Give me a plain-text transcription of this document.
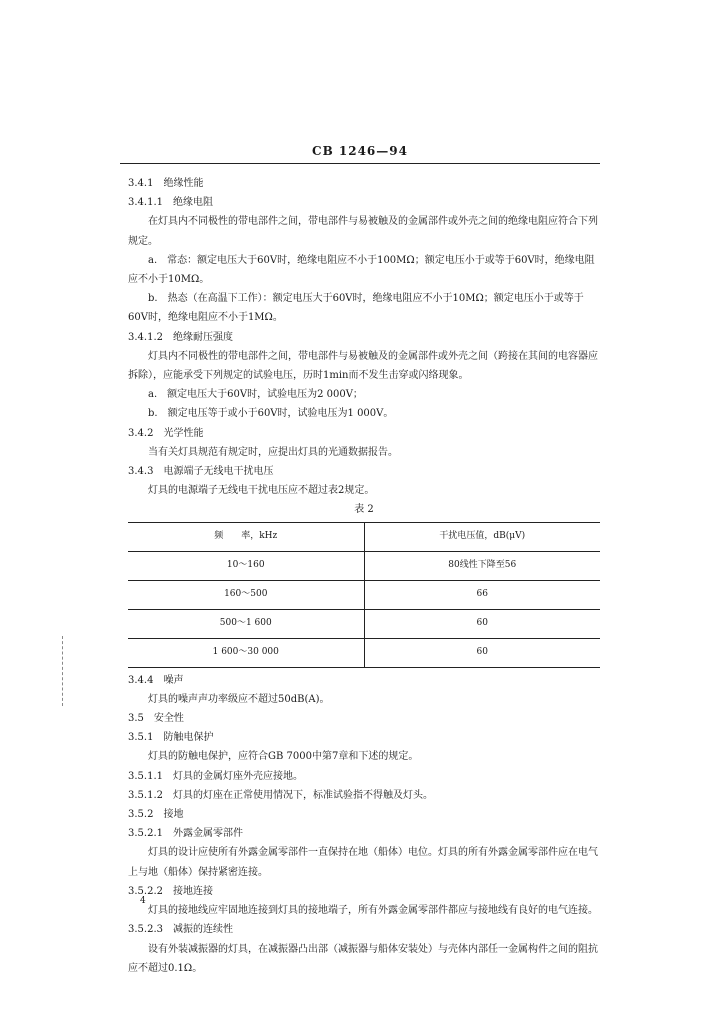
CB 1246—94

3.4.1　绝缘性能

3.4.1.1　绝缘电阻

在灯具内不同极性的带电部件之间，带电部件与易被触及的金属部件或外壳之间的绝缘电阻应符合下列规定。

a.　常态：额定电压大于60V时，绝缘电阻应不小于100MΩ；额定电压小于或等于60V时，绝缘电阻应不小于10MΩ。

b.　热态（在高温下工作）：额定电压大于60V时，绝缘电阻应不小于10MΩ；额定电压小于或等于60V时，绝缘电阻应不小于1MΩ。

3.4.1.2　绝缘耐压强度

灯具内不同极性的带电部件之间，带电部件与易被触及的金属部件或外壳之间（跨接在其间的电容器应拆除），应能承受下列规定的试验电压，历时1min而不发生击穿或闪络现象。

a.　额定电压大于60V时，试验电压为2 000V；

b.　额定电压等于或小于60V时，试验电压为1 000V。

3.4.2　光学性能

当有关灯具规范有规定时，应提出灯具的光通数据报告。

3.4.3　电源端子无线电干扰电压

灯具的电源端子无线电干扰电压应不超过表2规定。

表 2

频　　率，kHz	干扰电压值，dB(μV)
10～160	80线性下降至56
160～500	66
500～1 600	60
1 600～30 000	60

3.4.4　噪声

灯具的噪声声功率级应不超过50dB(A)。

3.5　安全性

3.5.1　防触电保护

灯具的防触电保护，应符合GB 7000中第7章和下述的规定。

3.5.1.1　灯具的金属灯座外壳应接地。

3.5.1.2　灯具的灯座在正常使用情况下，标准试验指不得触及灯头。

3.5.2　接地

3.5.2.1　外露金属零部件

灯具的设计应使所有外露金属零部件一直保持在地（船体）电位。灯具的所有外露金属零部件应在电气上与地（船体）保持紧密连接。

3.5.2.2　接地连接

灯具的接地线应牢固地连接到灯具的接地端子，所有外露金属零部件都应与接地线有良好的电气连接。

3.5.2.3　减振的连续性

设有外装减振器的灯具，在减振器凸出部（减振器与船体安装处）与壳体内部任一金属构件之间的阻抗应不超过0.1Ω。

4
